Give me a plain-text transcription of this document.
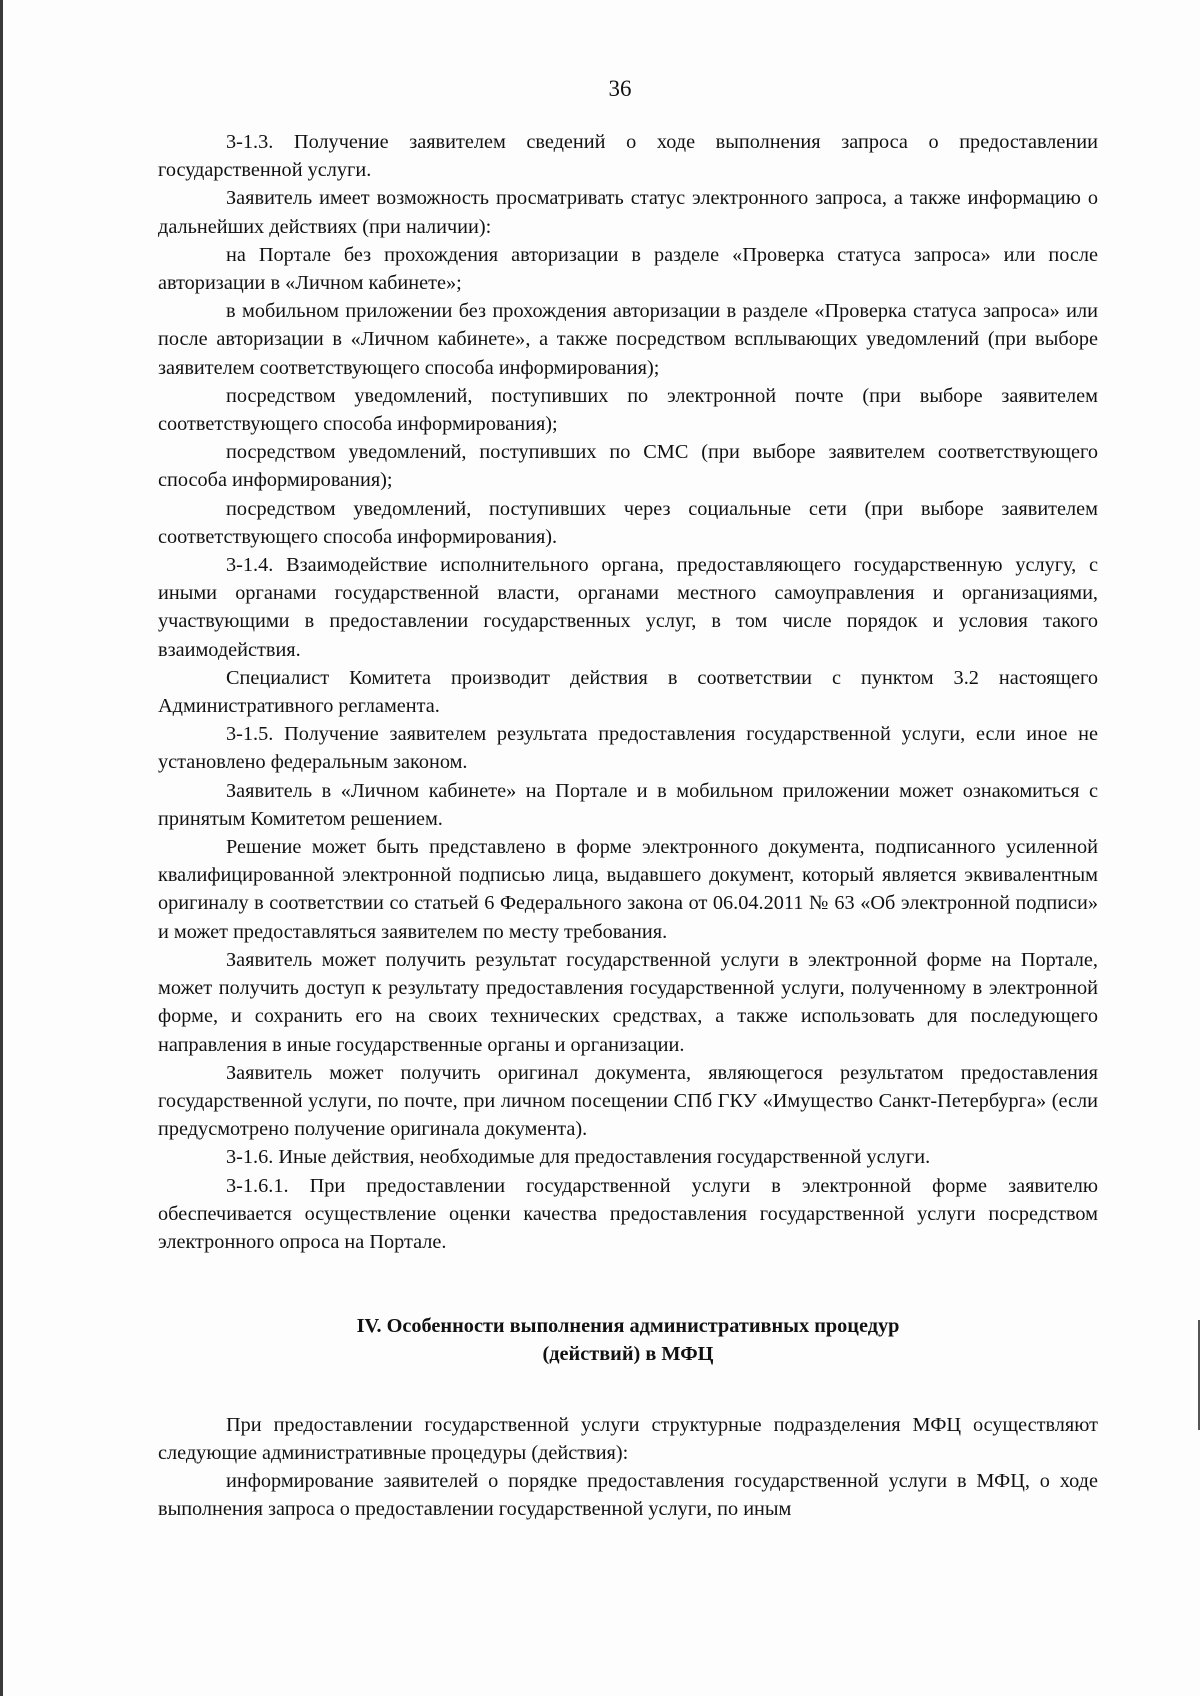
36

3-1.3. Получение заявителем сведений о ходе выполнения запроса о предоставлении государственной услуги.

Заявитель имеет возможность просматривать статус электронного запроса, а также информацию о дальнейших действиях (при наличии):

на Портале без прохождения авторизации в разделе «Проверка статуса запроса» или после авторизации в «Личном кабинете»;

в мобильном приложении без прохождения авторизации в разделе «Проверка статуса запроса» или после авторизации в «Личном кабинете», а также посредством всплывающих уведомлений (при выборе заявителем соответствующего способа информирования);

посредством уведомлений, поступивших по электронной почте (при выборе заявителем соответствующего способа информирования);

посредством уведомлений, поступивших по СМС (при выборе заявителем соответствующего способа информирования);

посредством уведомлений, поступивших через социальные сети (при выборе заявителем соответствующего способа информирования).

3-1.4. Взаимодействие исполнительного органа, предоставляющего государственную услугу, с иными органами государственной власти, органами местного самоуправления и организациями, участвующими в предоставлении государственных услуг, в том числе порядок и условия такого взаимодействия.

Специалист Комитета производит действия в соответствии с пунктом 3.2 настоящего Административного регламента.

3-1.5. Получение заявителем результата предоставления государственной услуги, если иное не установлено федеральным законом.

Заявитель в «Личном кабинете» на Портале и в мобильном приложении может ознакомиться с принятым Комитетом решением.

Решение может быть представлено в форме электронного документа, подписанного усиленной квалифицированной электронной подписью лица, выдавшего документ, который является эквивалентным оригиналу в соответствии со статьей 6 Федерального закона от 06.04.2011 № 63 «Об электронной подписи» и может предоставляться заявителем по месту требования.

Заявитель может получить результат государственной услуги в электронной форме на Портале, может получить доступ к результату предоставления государственной услуги, полученному в электронной форме, и сохранить его на своих технических средствах, а также использовать для последующего направления в иные государственные органы и организации.

Заявитель может получить оригинал документа, являющегося результатом предоставления государственной услуги, по почте, при личном посещении СПб ГКУ «Имущество Санкт-Петербурга» (если предусмотрено получение оригинала документа).

3-1.6. Иные действия, необходимые для предоставления государственной услуги.

3-1.6.1. При предоставлении государственной услуги в электронной форме заявителю обеспечивается осуществление оценки качества предоставления государственной услуги посредством электронного опроса на Портале.

IV. Особенности выполнения административных процедур

(действий) в МФЦ

При предоставлении государственной услуги структурные подразделения МФЦ осуществляют следующие административные процедуры (действия):

информирование заявителей о порядке предоставления государственной услуги в МФЦ, о ходе выполнения запроса о предоставлении государственной услуги, по иным
